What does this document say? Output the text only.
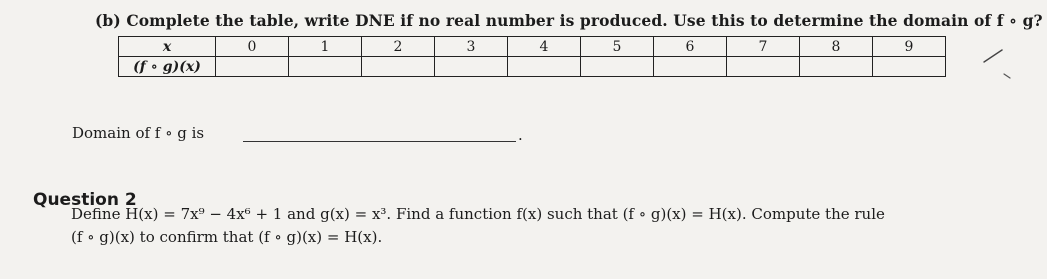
(b) Complete the table, write DNE if no real number is produced. Use this to determine the domain of f ∘ g?
x	0	1	2	3	4	5	6	7	8	9
(f ∘ g)(x)										
Domain of f ∘ g is	.
Question 2
Define H(x) = 7x⁹ − 4x⁶ + 1 and g(x) = x³. Find a function f(x) such that (f ∘ g)(x) = H(x). Compute the rule
(f ∘ g)(x) to confirm that (f ∘ g)(x) = H(x).
